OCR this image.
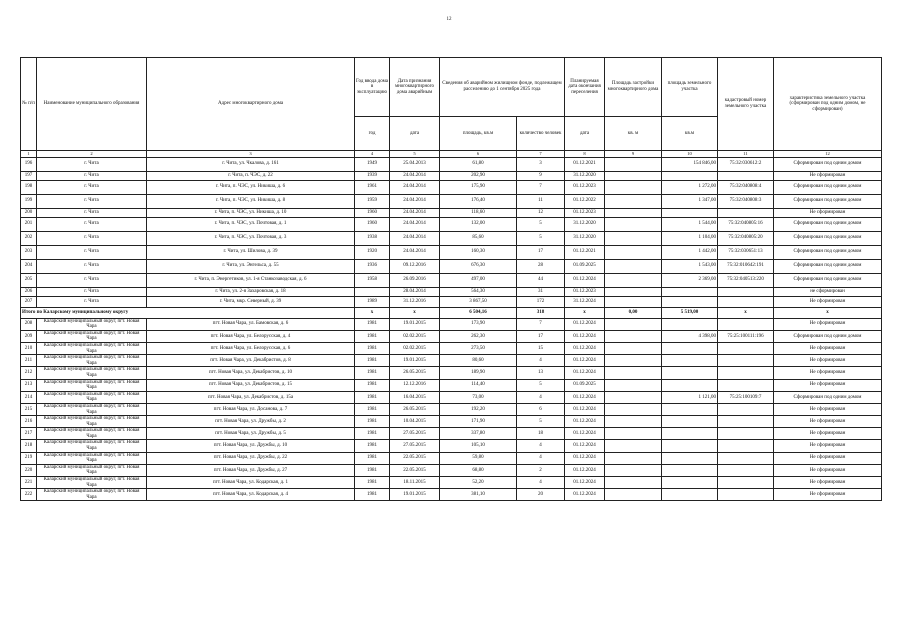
12
№ п/п	Наименование муниципального образования	Адрес многоквартирного дома	Год ввода дома в эксплуатацию	Дата признания многоквартирного дома аварийным	Сведения об аварийном жилищном фонде, подлежащем расселению до 1 сентября 2025 года		Планируемая дата окончания переселения	Площадь застройки многоквартирного дома	площадь земельного участка	кадастровый номер земельного участка	характеристика земельного участка (сформирован под одним домом, не сформирован)
			год	дата	площадь, кв.м	количество человек	дата	кв. м	кв.м		
1	2	3	4	5	6	7	8	9	10	11	12
196	г. Чита	г. Чита, ул. Чкалова, д. 161	1949	25.04.2013	61,80	3	01.12.2021		154 846,00	75:32:030612:2	Сформирован под одним домом
197	г. Чита	г. Чита, п. ЧЭС, д. 22	1939	24.04.2014	202,90	9	31.12.2020				Не сформирован
198	г. Чита	г. Чита, п. ЧЭС, ул. Никиша, д. 6	1961	24.04.2014	175,90	7	01.12.2023		1 272,00	75:32:040808:4	Сформирован под одним домом
199	г. Чита	г. Чита, п. ЧЭС, ул. Никиша, д. 8	1959	24.04.2014	176,40	11	01.12.2022		1 347,00	75:32:040808:3	Сформирован под одним домом
200	г. Чита	г. Чита, п. ЧЭС, ул. Никиша, д. 10	1960	24.04.2014	118,60	12	01.12.2023				Не сформирован
201	г. Чита	г. Чита, п. ЧЭС, ул. Почтовая, д. 1	1960	24.04.2014	132,00	5	31.12.2020		1 544,00	75:32:040805:16	Сформирован под одним домом
202	г. Чита	г. Чита, п. ЧЭС, ул. Почтовая, д. 3	1938	24.04.2014	85,60	5	31.12.2020		1 104,00	75:32:040805:20	Сформирован под одним домом
203	г. Чита	г. Чита, ул. Шилова, д. 39	1920	24.04.2014	160,30	17	01.12.2021		1 442,00	75:32:030651:13	Сформирован под одним домом
204	г. Чита	г. Чита, ул. Энгельса, д. 55	1936	09.12.2016	676,30	28	01.09.2025		1 543,00	75:32:010642:191	Сформирован под одним домом
205	г. Чита	г. Чита, п. Энергетиков, ул. 1-я Станкозаводская, д. 6	1958	26.09.2016	497,00	44	01.12.2024		2 369,00	75:32:040513:220	Сформирован под одним домом
206	г. Чита	г. Чита, ул. 2-я Захаровская, д. 18		28.04.2014	564,30	31	01.12.2023				не сформирован
207	г. Чита	г. Чита, мкр. Северный, д. 39	1989	31.12.2016	3 867,50	172	31.12.2024				Не сформирован
Итого по Каларскому муниципальному округу			x	x	6 504,16	318	x	0,00	5 519,00	x	x
208	Каларский муниципальный округ, пгт. Новая Чара	пгт. Новая Чара, ул. Бамовская, д. 6	1981	19.01.2015	173,90	7	01.12.2024				Не сформирован
209	Каларский муниципальный округ, пгт. Новая Чара	пгт. Новая Чара, ул. Белорусская, д. 4	1981	02.02.2015	262,30	17	01.12.2024		4 398,00	75:25:100111:196	Сформирован под одним домом
210	Каларский муниципальный округ, пгт. Новая Чара	пгт. Новая Чара, ул. Белорусская, д. 6	1981	02.02.2015	273,50	15	01.12.2024				Не сформирован
211	Каларский муниципальный округ, пгт. Новая Чара	пгт. Новая Чара, ул. Декабристов, д. 8	1981	19.01.2015	80,60	4	01.12.2024				Не сформирован
212	Каларский муниципальный округ, пгт. Новая Чара	пгт. Новая Чара, ул. Декабристов, д. 10	1981	26.05.2015	189,90	13	01.12.2024				Не сформирован
213	Каларский муниципальный округ, пгт. Новая Чара	пгт. Новая Чара, ул. Декабристов, д. 15	1981	12.12.2016	114,40	5	01.09.2025				Не сформирован
214	Каларский муниципальный округ, пгт. Новая Чара	пгт. Новая Чара, ул. Декабристов, д. 15а	1981	16.04.2015	73,00	4	01.12.2024		1 121,00	75:25:100109:7	Сформирован под одним домом
215	Каларский муниципальный округ, пгт. Новая Чара	пгт. Новая Чара, ул. Досанова, д. 7	1981	26.05.2015	192,20	6	01.12.2024				Не сформирован
216	Каларский муниципальный округ, пгт. Новая Чара	пгт. Новая Чара, ул. Дружбы, д. 2	1981	10.04.2015	171,90	5	01.12.2024				Не сформирован
217	Каларский муниципальный округ, пгт. Новая Чара	пгт. Новая Чара, ул. Дружбы, д. 5	1981	27.05.2015	337,80	18	01.12.2024				Не сформирован
218	Каларский муниципальный округ, пгт. Новая Чара	пгт. Новая Чара, ул. Дружбы, д. 10	1981	27.05.2015	105,10	4	01.12.2024				Не сформирован
219	Каларский муниципальный округ, пгт. Новая Чара	пгт. Новая Чара, ул. Дружбы, д. 22	1981	22.05.2015	59,80	4	01.12.2024				Не сформирован
220	Каларский муниципальный округ, пгт. Новая Чара	пгт. Новая Чара, ул. Дружбы, д. 27	1981	22.05.2015	68,80	2	01.12.2024				Не сформирован
221	Каларский муниципальный округ, пгт. Новая Чара	пгт. Новая Чара, ул. Кодарская, д. 1	1981	18.11.2015	52,20	4	01.12.2024				Не сформирован
222	Каларский муниципальный округ, пгт. Новая Чара	пгт. Новая Чара, ул. Кодарская, д. 4	1981	19.01.2015	381,10	20	01.12.2024				Не сформирован
